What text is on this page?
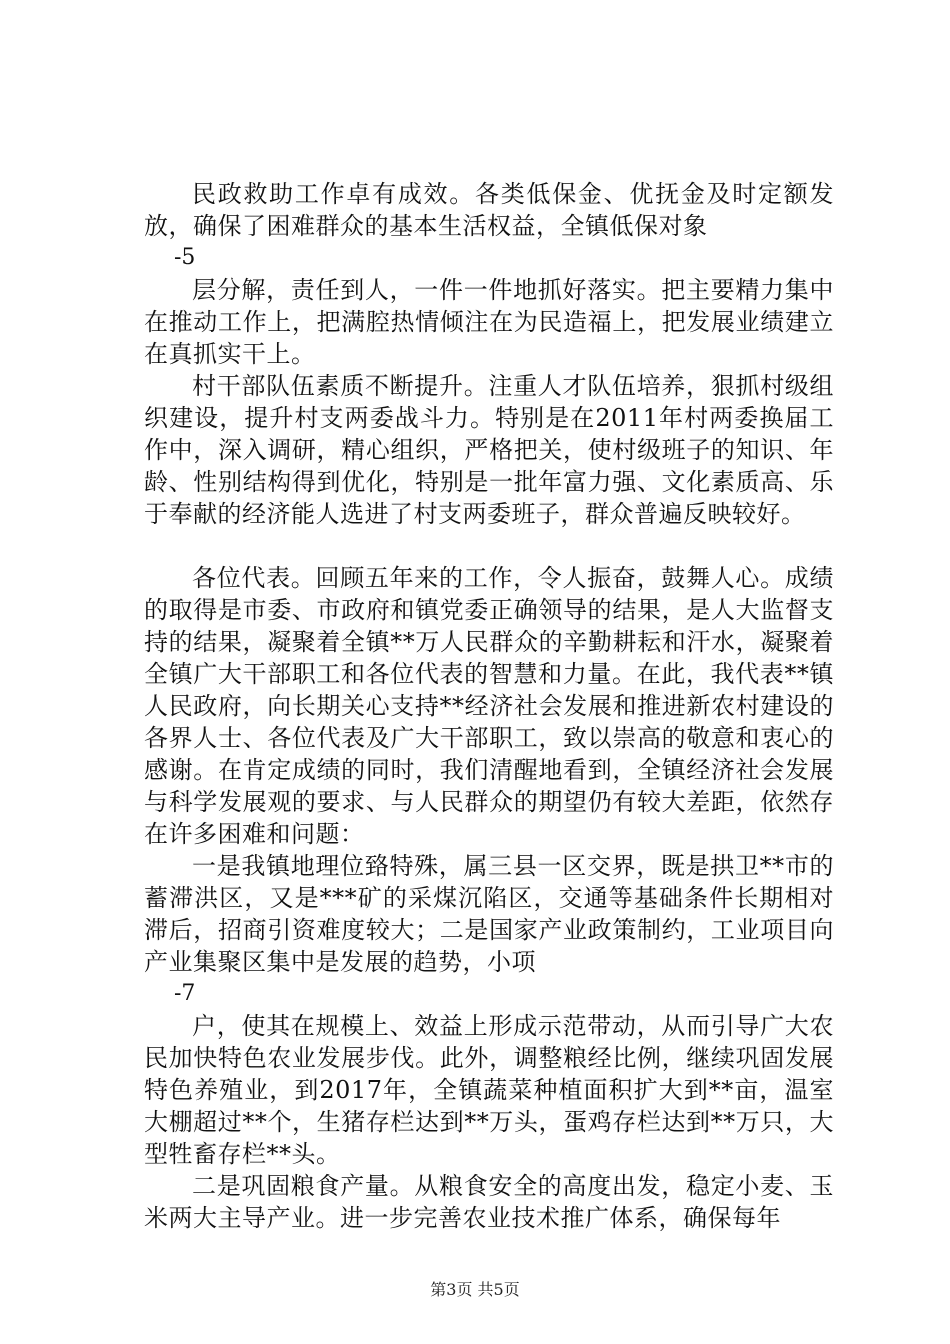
民政救助工作卓有成效。各类低保金、优抚金及时定额发放，确保了困难群众的基本生活权益，全镇低保对象

-5

层分解，责任到人，一件一件地抓好落实。把主要精力集中在推动工作上，把满腔热情倾注在为民造福上，把发展业绩建立在真抓实干上。

村干部队伍素质不断提升。注重人才队伍培养，狠抓村级组织建设，提升村支两委战斗力。特别是在2011年村两委换届工作中，深入调研，精心组织，严格把关，使村级班子的知识、年龄、性别结构得到优化，特别是一批年富力强、文化素质高、乐于奉献的经济能人选进了村支两委班子，群众普遍反映较好。

各位代表。回顾五年来的工作，令人振奋，鼓舞人心。成绩的取得是市委、市政府和镇党委正确领导的结果，是人大监督支持的结果，凝聚着全镇**万人民群众的辛勤耕耘和汗水，凝聚着全镇广大干部职工和各位代表的智慧和力量。在此，我代表**镇人民政府，向长期关心支持**经济社会发展和推进新农村建设的各界人士、各位代表及广大干部职工，致以崇高的敬意和衷心的感谢。在肯定成绩的同时，我们清醒地看到，全镇经济社会发展与科学发展观的要求、与人民群众的期望仍有较大差距，依然存在许多困难和问题：

一是我镇地理位臵特殊，属三县一区交界，既是拱卫**市的蓄滞洪区，又是***矿的采煤沉陷区，交通等基础条件长期相对滞后，招商引资难度较大；二是国家产业政策制约，工业项目向产业集聚区集中是发展的趋势，小项

-7

户，使其在规模上、效益上形成示范带动，从而引导广大农民加快特色农业发展步伐。此外，调整粮经比例，继续巩固发展特色养殖业，到2017年，全镇蔬菜种植面积扩大到**亩，温室大棚超过**个，生猪存栏达到**万头，蛋鸡存栏达到**万只，大型牲畜存栏**头。

二是巩固粮食产量。从粮食安全的高度出发，稳定小麦、玉米两大主导产业。进一步完善农业技术推广体系，确保每年

第3页 共5页
